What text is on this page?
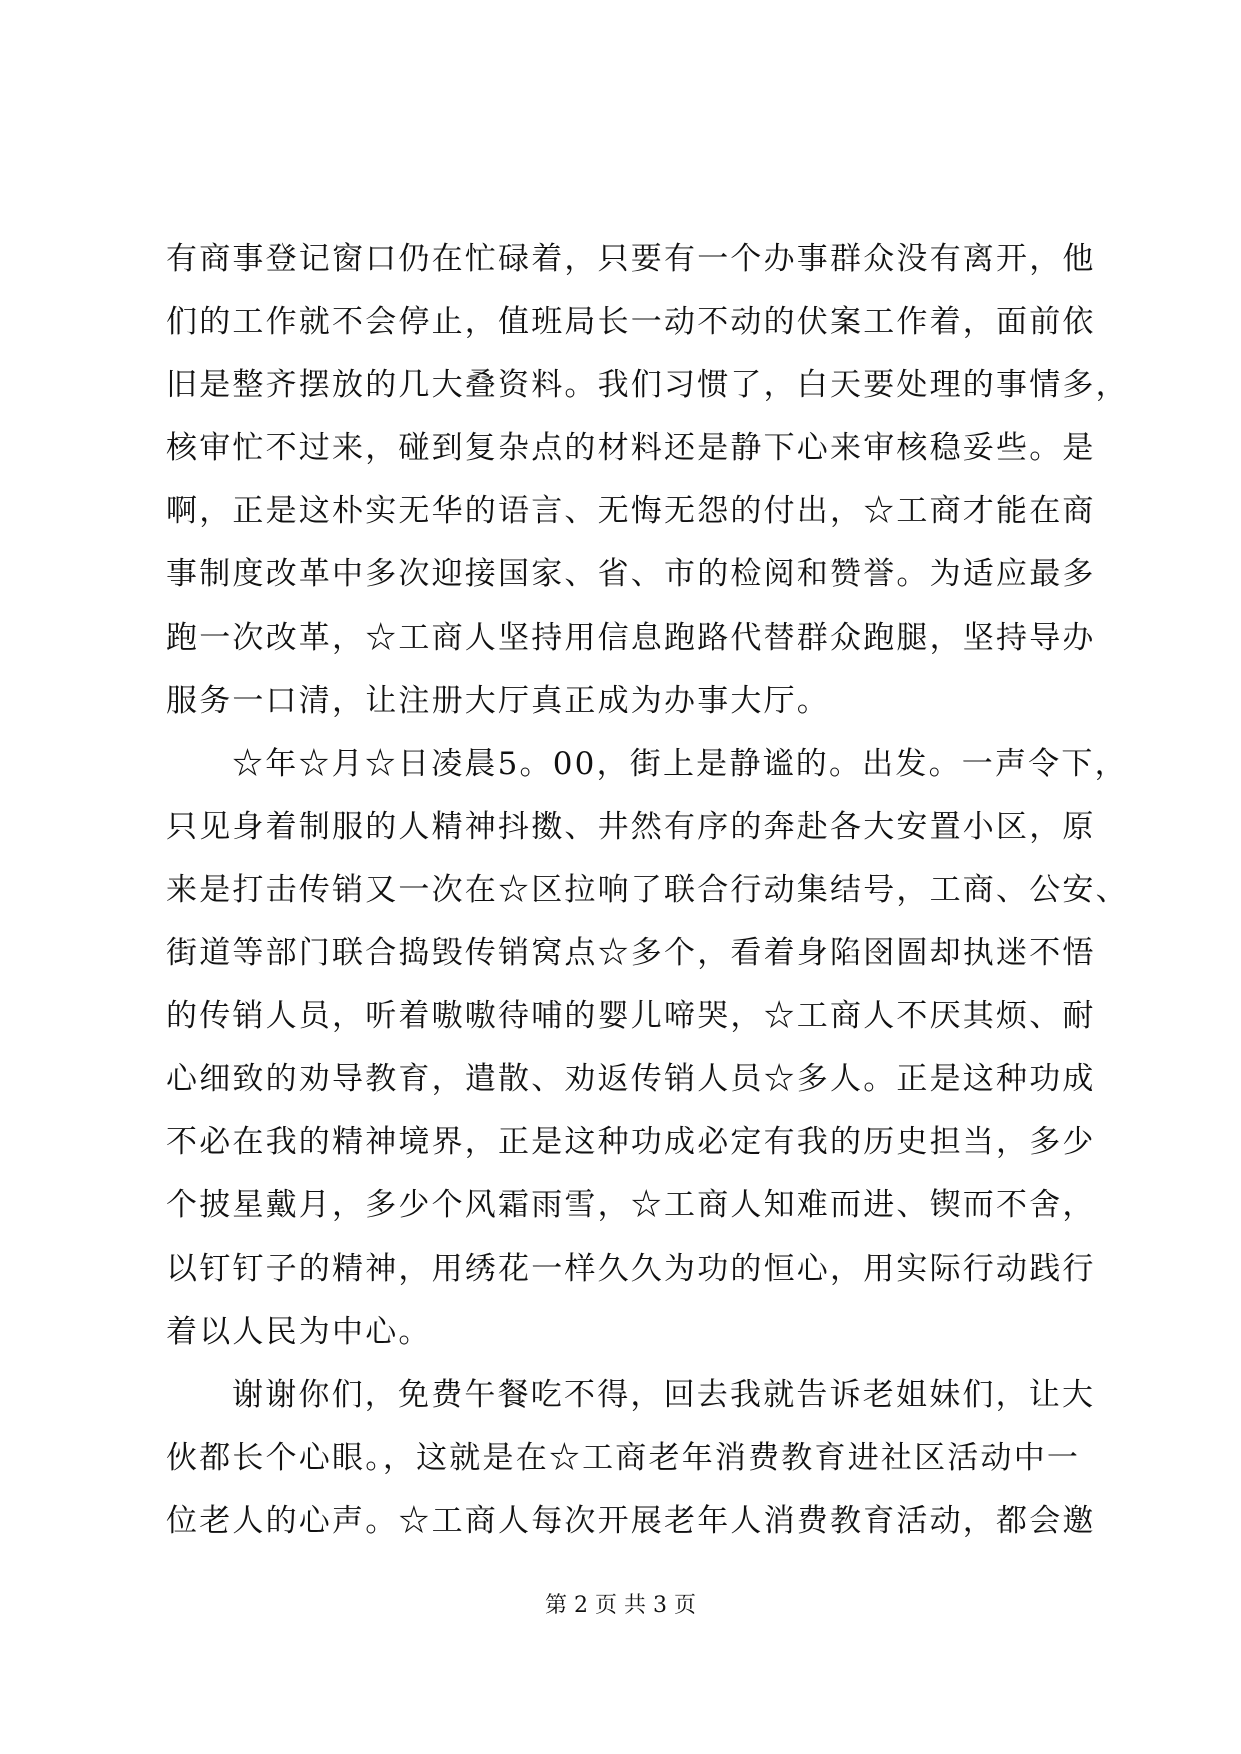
有商事登记窗口仍在忙碌着，只要有一个办事群众没有离开，他
们的工作就不会停止，值班局长一动不动的伏案工作着，面前依
旧是整齐摆放的几大叠资料。我们习惯了，白天要处理的事情多，
核审忙不过来，碰到复杂点的材料还是静下心来审核稳妥些。是
啊，正是这朴实无华的语言、无悔无怨的付出，☆工商才能在商
事制度改革中多次迎接国家、省、市的检阅和赞誉。为适应最多
跑一次改革，☆工商人坚持用信息跑路代替群众跑腿，坚持导办
服务一口清，让注册大厅真正成为办事大厅。
☆年☆月☆日凌晨5。00，街上是静谧的。出发。一声令下，
只见身着制服的人精神抖擞、井然有序的奔赴各大安置小区，原
来是打击传销又一次在☆区拉响了联合行动集结号，工商、公安、
街道等部门联合捣毁传销窝点☆多个，看着身陷囹圄却执迷不悟
的传销人员，听着嗷嗷待哺的婴儿啼哭，☆工商人不厌其烦、耐
心细致的劝导教育，遣散、劝返传销人员☆多人。正是这种功成
不必在我的精神境界，正是这种功成必定有我的历史担当，多少
个披星戴月，多少个风霜雨雪，☆工商人知难而进、锲而不舍，
以钉钉子的精神，用绣花一样久久为功的恒心，用实际行动践行
着以人民为中心。
谢谢你们，免费午餐吃不得，回去我就告诉老姐妹们，让大
伙都长个心眼。，这就是在☆工商老年消费教育进社区活动中一
位老人的心声。☆工商人每次开展老年人消费教育活动，都会邀
第 2 页 共 3 页
